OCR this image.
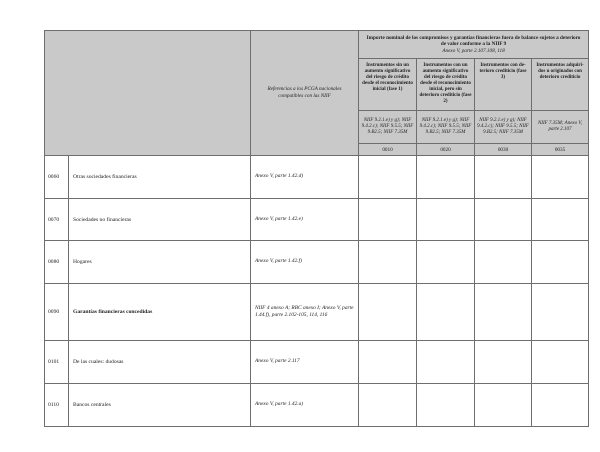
		Referencias a los PCGA nacionales compatibles con las NIIF	Importe nominal de los compromisos y garantías financieras fuera de balance sujetos a deterioro de valor conforme a la NIIF 9
Anexo V, parte 2.107.108, 118			

			Instrumentos sin un aumento significativo del riesgo de crédito desde el reconocimiento inicial (fase 1)	Instrumentos con un aumento significativo del riesgo de crédito desde el reconocimiento inicial, pero sin deterioro crediticio (fase 2)	Instrumentos con deterioro crediticio (fase 3)	Instrumentos adquiridos u originados con deterioro crediticio
			NIIF 9.2.1.e) y g); NIIF 9.4.2.c); NIIF 9.5.5; NIIF 9.B2.5; NIIF 7.35M	NIIF 9.2.1.e) y g); NIIF 9.4.2.c); NIIF 9.5.5; NIIF 9.B2.5; NIIF 7.35M	NIIF 9.2.1.e) y g); NIIF 9.4.2.c); NIIF 9.5.5; NIIF 9.B2.5; NIIF 7.35M	NIIF 7.35M; Anexo V, parte 2.107
			0010	0020	0030	0035
0060	Otras sociedades financieras	Anexo V, parte 1.42.d)				
0070	Sociedades no financieras	Anexo V, parte 1.42.e)				
0080	Hogares	Anexo V, parte 1.42.f)				
0090	Garantías financieras concedidas	NIIF 4 anexo A; RBC anexo I; Anexo V, parte 1.44.f), parte 2.102-105, 114, 116				
0101	De las cuales: dudosas	Anexo V, parte 2.117				
0110	Bancos centrales	Anexo V, parte 1.42.a)				
